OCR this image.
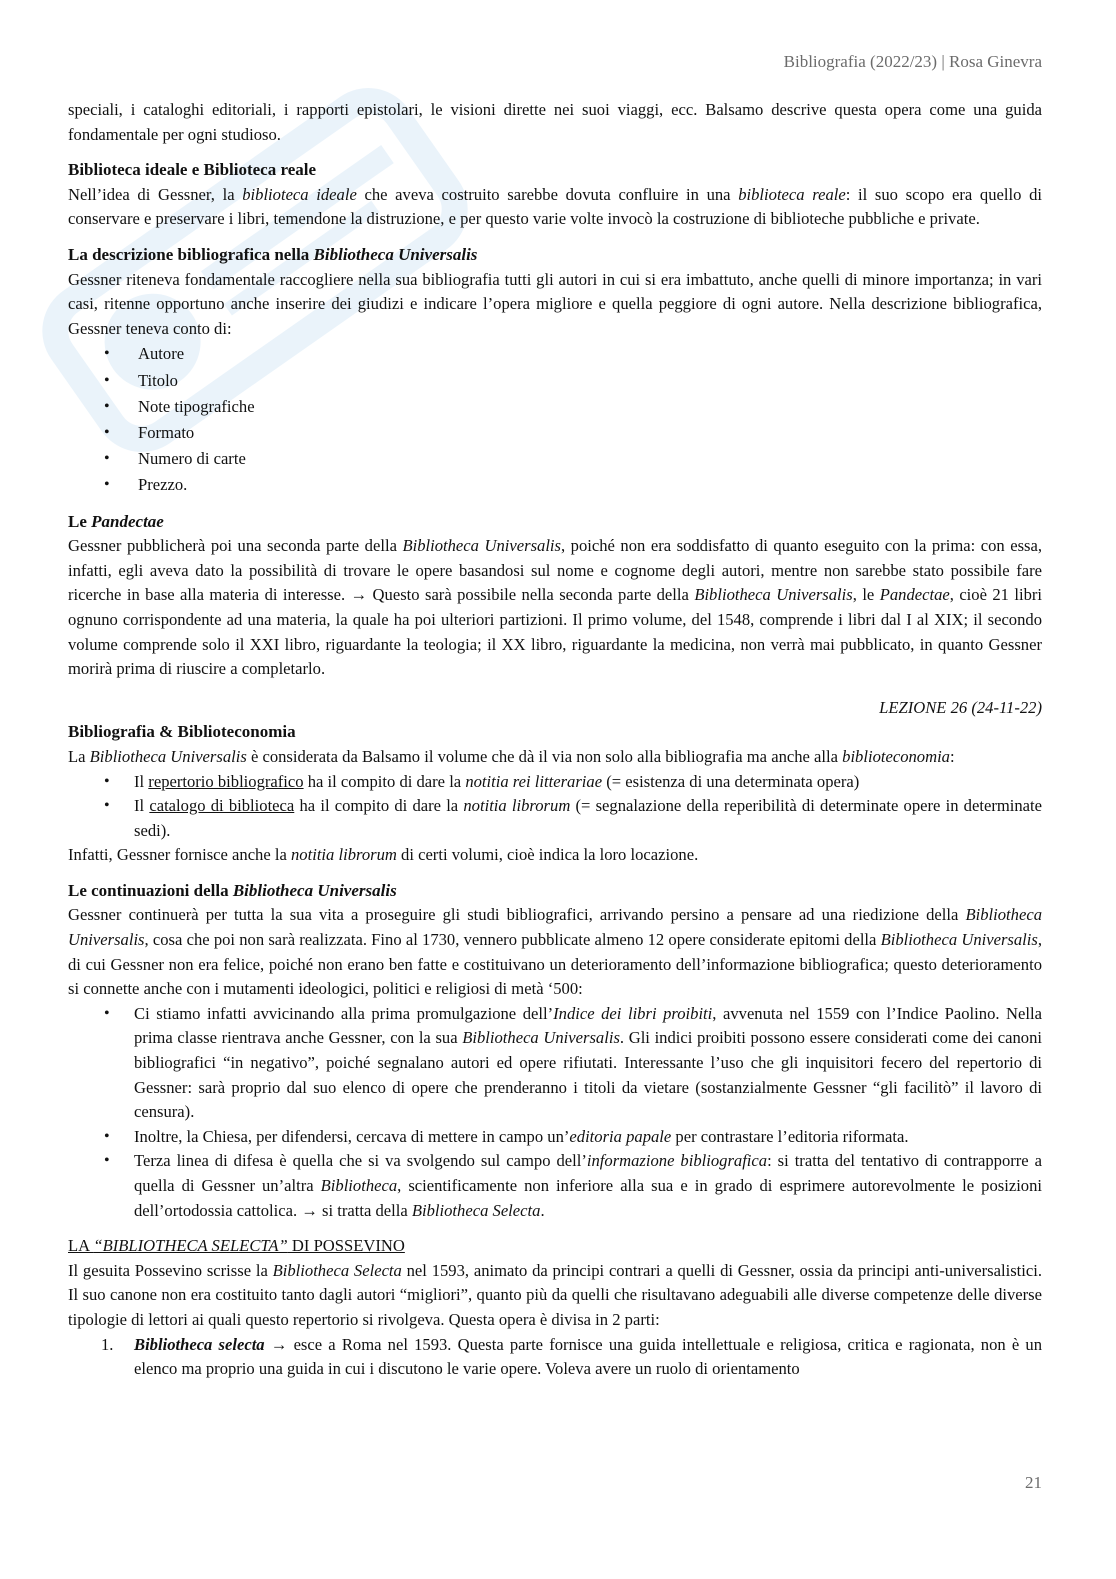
Bibliografia (2022/23) | Rosa Ginevra

speciali, i cataloghi editoriali, i rapporti epistolari, le visioni dirette nei suoi viaggi, ecc. Balsamo descrive questa opera come una guida fondamentale per ogni studioso.

Biblioteca ideale e Biblioteca reale

Nell’idea di Gessner, la biblioteca ideale che aveva costruito sarebbe dovuta confluire in una biblioteca reale: il suo scopo era quello di conservare e preservare i libri, temendone la distruzione, e per questo varie volte invocò la costruzione di biblioteche pubbliche e private.

La descrizione bibliografica nella Bibliotheca Universalis

Gessner riteneva fondamentale raccogliere nella sua bibliografia tutti gli autori in cui si era imbattuto, anche quelli di minore importanza; in vari casi, ritenne opportuno anche inserire dei giudizi e indicare l’opera migliore e quella peggiore di ogni autore. Nella descrizione bibliografica, Gessner teneva conto di:

• Autore
• Titolo
• Note tipografiche
• Formato
• Numero di carte
• Prezzo.
Le Pandectae

Gessner pubblicherà poi una seconda parte della Bibliotheca Universalis, poiché non era soddisfatto di quanto eseguito con la prima: con essa, infatti, egli aveva dato la possibilità di trovare le opere basandosi sul nome e cognome degli autori, mentre non sarebbe stato possibile fare ricerche in base alla materia di interesse. → Questo sarà possibile nella seconda parte della Bibliotheca Universalis, le Pandectae, cioè 21 libri ognuno corrispondente ad una materia, la quale ha poi ulteriori partizioni. Il primo volume, del 1548, comprende i libri dal I al XIX; il secondo volume comprende solo il XXI libro, riguardante la teologia; il XX libro, riguardante la medicina, non verrà mai pubblicato, in quanto Gessner morirà prima di riuscire a completarlo.

LEZIONE 26 (24-11-22)

Bibliografia & Biblioteconomia

La Bibliotheca Universalis è considerata da Balsamo il volume che dà il via non solo alla bibliografia ma anche alla biblioteconomia:

• Il repertorio bibliografico ha il compito di dare la notitia rei litterariae (= esistenza di una determinata opera)
• Il catalogo di biblioteca ha il compito di dare la notitia librorum (= segnalazione della reperibilità di determinate opere in determinate sedi).

Infatti, Gessner fornisce anche la notitia librorum di certi volumi, cioè indica la loro locazione.

Le continuazioni della Bibliotheca Universalis

Gessner continuerà per tutta la sua vita a proseguire gli studi bibliografici, arrivando persino a pensare ad una riedizione della Bibliotheca Universalis, cosa che poi non sarà realizzata. Fino al 1730, vennero pubblicate almeno 12 opere considerate epitomi della Bibliotheca Universalis, di cui Gessner non era felice, poiché non erano ben fatte e costituivano un deterioramento dell’informazione bibliografica; questo deterioramento si connette anche con i mutamenti ideologici, politici e religiosi di metà ‘500:

• Ci stiamo infatti avvicinando alla prima promulgazione dell’Indice dei libri proibiti, avvenuta nel 1559 con l’Indice Paolino. Nella prima classe rientrava anche Gessner, con la sua Bibliotheca Universalis. Gli indici proibiti possono essere considerati come dei canoni bibliografici “in negativo”, poiché segnalano autori ed opere rifiutati. Interessante l’uso che gli inquisitori fecero del repertorio di Gessner: sarà proprio dal suo elenco di opere che prenderanno i titoli da vietare (sostanzialmente Gessner “gli facilitò” il lavoro di censura).
• Inoltre, la Chiesa, per difendersi, cercava di mettere in campo un’editoria papale per contrastare l’editoria riformata.
• Terza linea di difesa è quella che si va svolgendo sul campo dell’informazione bibliografica: si tratta del tentativo di contrapporre a quella di Gessner un’altra Bibliotheca, scientificamente non inferiore alla sua e in grado di esprimere autorevolmente le posizioni dell’ortodossia cattolica. → si tratta della Bibliotheca Selecta.

LA “BIBLIOTHECA SELECTA” DI POSSEVINO

Il gesuita Possevino scrisse la Bibliotheca Selecta nel 1593, animato da principi contrari a quelli di Gessner, ossia da principi anti-universalistici. Il suo canone non era costituito tanto dagli autori “migliori”, quanto più da quelli che risultavano adeguabili alle diverse competenze delle diverse tipologie di lettori ai quali questo repertorio si rivolgeva. Questa opera è divisa in 2 parti:

1. Bibliotheca selecta → esce a Roma nel 1593. Questa parte fornisce una guida intellettuale e religiosa, critica e ragionata, non è un elenco ma proprio una guida in cui i discutono le varie opere. Voleva avere un ruolo di orientamento
21
